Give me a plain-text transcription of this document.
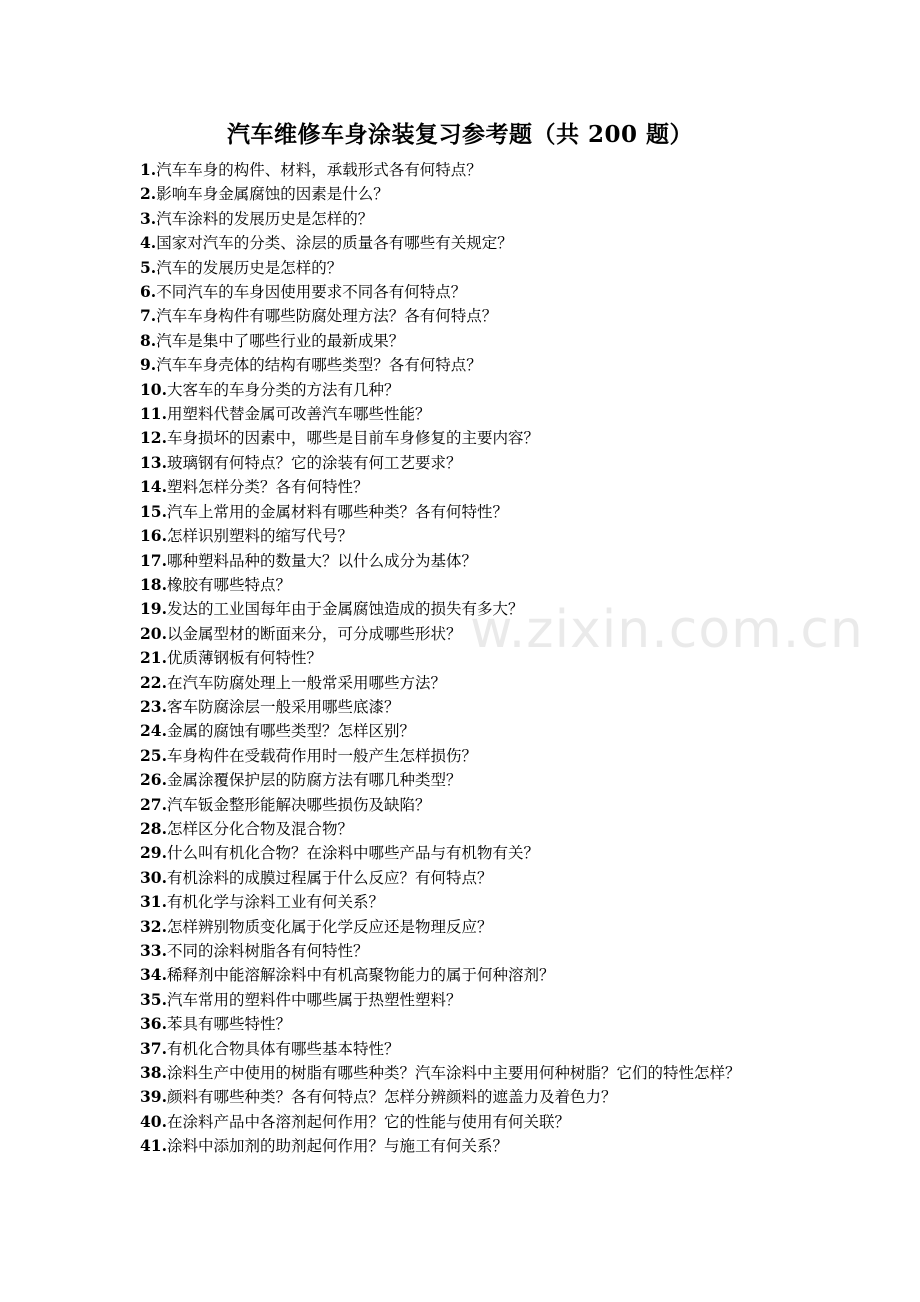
w.zixin.com.cn
汽车维修车身涂装复习参考题（共 200 题）
1.汽车车身的构件、材料，承载形式各有何特点？
2.影响车身金属腐蚀的因素是什么？
3.汽车涂料的发展历史是怎样的？
4.国家对汽车的分类、涂层的质量各有哪些有关规定？
5.汽车的发展历史是怎样的？
6.不同汽车的车身因使用要求不同各有何特点？
7.汽车车身构件有哪些防腐处理方法？各有何特点？
8.汽车是集中了哪些行业的最新成果？
9.汽车车身壳体的结构有哪些类型？各有何特点？
10.大客车的车身分类的方法有几种？
11.用塑料代替金属可改善汽车哪些性能？
12.车身损坏的因素中，哪些是目前车身修复的主要内容？
13.玻璃钢有何特点？它的涂装有何工艺要求？
14.塑料怎样分类？各有何特性？
15.汽车上常用的金属材料有哪些种类？各有何特性？
16.怎样识别塑料的缩写代号？
17.哪种塑料品种的数量大？以什么成分为基体？
18.橡胶有哪些特点？
19.发达的工业国每年由于金属腐蚀造成的损失有多大？
20.以金属型材的断面来分，可分成哪些形状？
21.优质薄钢板有何特性？
22.在汽车防腐处理上一般常采用哪些方法？
23.客车防腐涂层一般采用哪些底漆？
24.金属的腐蚀有哪些类型？怎样区别？
25.车身构件在受载荷作用时一般产生怎样损伤？
26.金属涂覆保护层的防腐方法有哪几种类型？
27.汽车钣金整形能解决哪些损伤及缺陷？
28.怎样区分化合物及混合物？
29.什么叫有机化合物？在涂料中哪些产品与有机物有关？
30.有机涂料的成膜过程属于什么反应？有何特点？
31.有机化学与涂料工业有何关系？
32.怎样辨别物质变化属于化学反应还是物理反应？
33.不同的涂料树脂各有何特性？
34.稀释剂中能溶解涂料中有机高聚物能力的属于何种溶剂？
35.汽车常用的塑料件中哪些属于热塑性塑料？
36.苯具有哪些特性？
37.有机化合物具体有哪些基本特性？
38.涂料生产中使用的树脂有哪些种类？汽车涂料中主要用何种树脂？它们的特性怎样？
39.颜料有哪些种类？各有何特点？怎样分辨颜料的遮盖力及着色力？
40.在涂料产品中各溶剂起何作用？它的性能与使用有何关联？
41.涂料中添加剂的助剂起何作用？与施工有何关系？
